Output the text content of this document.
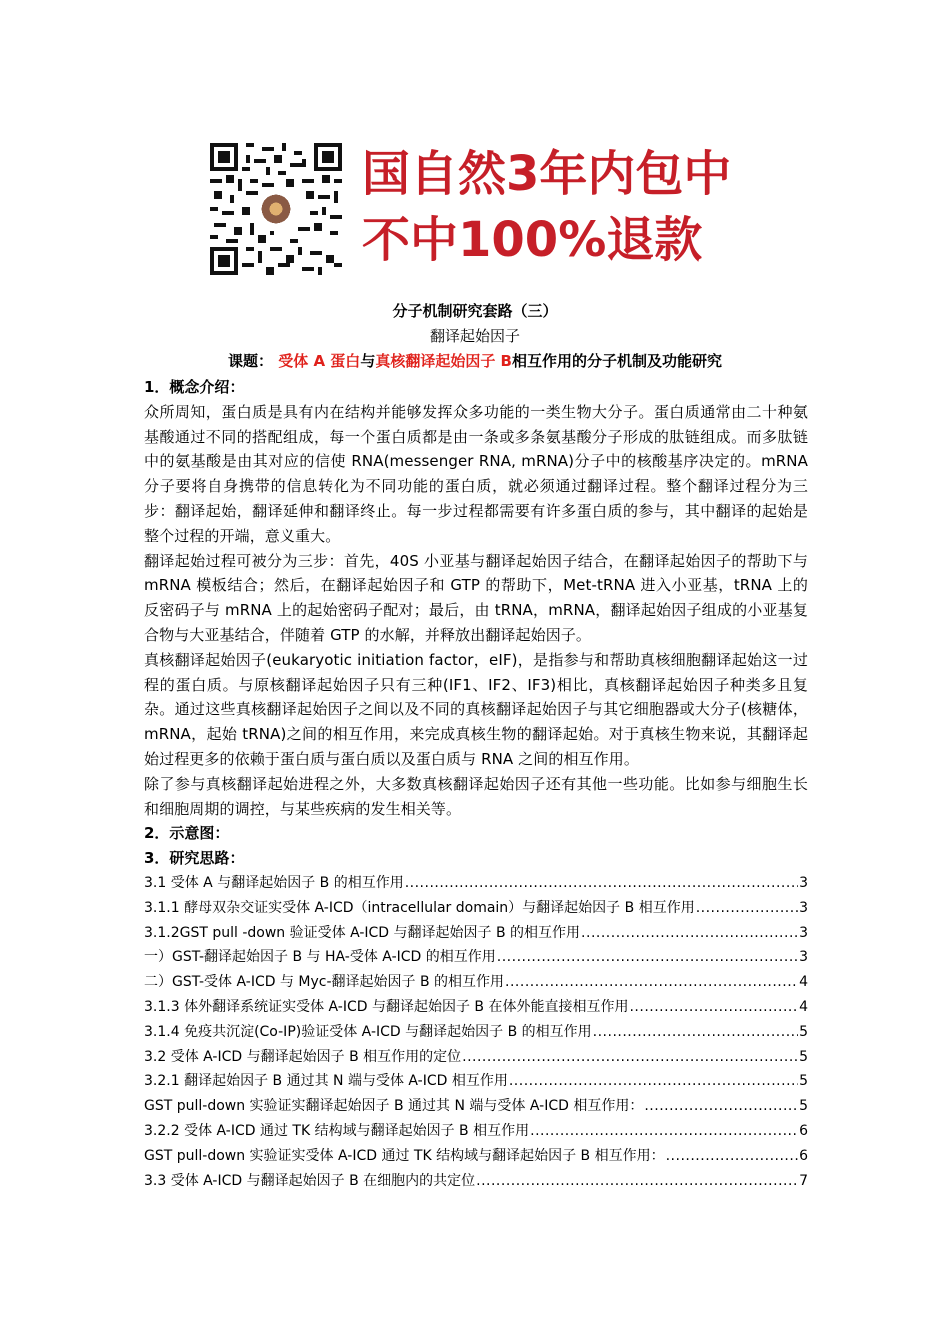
国自然3年内包中
不中100%退款
分子机制研究套路（三）
翻译起始因子
课题： 受体 A 蛋白与真核翻译起始因子 B相互作用的分子机制及功能研究

1．概念介绍：

众所周知，蛋白质是具有内在结构并能够发挥众多功能的一类生物大分子。蛋白质通常由二十种氨基酸通过不同的搭配组成，每一个蛋白质都是由一条或多条氨基酸分子形成的肽链组成。而多肽链中的氨基酸是由其对应的信使 RNA(messenger RNA, mRNA)分子中的核酸基序决定的。mRNA 分子要将自身携带的信息转化为不同功能的蛋白质，就必须通过翻译过程。整个翻译过程分为三步：翻译起始，翻译延伸和翻译终止。每一步过程都需要有许多蛋白质的参与，其中翻译的起始是整个过程的开端，意义重大。

翻译起始过程可被分为三步：首先，40S 小亚基与翻译起始因子结合，在翻译起始因子的帮助下与 mRNA 模板结合；然后，在翻译起始因子和 GTP 的帮助下，Met-tRNA 进入小亚基，tRNA 上的反密码子与 mRNA 上的起始密码子配对；最后，由 tRNA，mRNA，翻译起始因子组成的小亚基复合物与大亚基结合，伴随着 GTP 的水解，并释放出翻译起始因子。

真核翻译起始因子(eukaryotic initiation factor，eIF)，是指参与和帮助真核细胞翻译起始这一过程的蛋白质。与原核翻译起始因子只有三种(IF1、IF2、IF3)相比，真核翻译起始因子种类多且复杂。通过这些真核翻译起始因子之间以及不同的真核翻译起始因子与其它细胞器或大分子(核糖体，mRNA，起始 tRNA)之间的相互作用，来完成真核生物的翻译起始。对于真核生物来说，其翻译起始过程更多的依赖于蛋白质与蛋白质以及蛋白质与 RNA 之间的相互作用。

除了参与真核翻译起始进程之外，大多数真核翻译起始因子还有其他一些功能。比如参与细胞生长和细胞周期的调控，与某些疾病的发生相关等。

2．示意图：

3．研究思路：

3.1 受体 A 与翻译起始因子 B 的相互作用 .....	3
3.1.1 酵母双杂交证实受体 A-ICD（intracellular domain）与翻译起始因子 B 相互作用 .....	3
3.1.2GST pull -down 验证受体 A-ICD 与翻译起始因子 B 的相互作用 .....	3
一）GST-翻译起始因子 B 与 HA-受体 A-ICD 的相互作用 .....	3
二）GST-受体 A-ICD 与 Myc-翻译起始因子 B 的相互作用 .....	4
3.1.3 体外翻译系统证实受体 A-ICD 与翻译起始因子 B 在体外能直接相互作用 .....	4
3.1.4 免疫共沉淀(Co-IP)验证受体 A-ICD 与翻译起始因子 B 的相互作用 .....	5
3.2 受体 A-ICD 与翻译起始因子 B 相互作用的定位 .....	5
3.2.1 翻译起始因子 B 通过其 N 端与受体 A-ICD 相互作用 .....	5
GST pull-down 实验证实翻译起始因子 B 通过其 N 端与受体 A-ICD 相互作用： .....	5
3.2.2 受体 A-ICD 通过 TK 结构域与翻译起始因子 B 相互作用 .....	6
GST pull-down 实验证实受体 A-ICD 通过 TK 结构域与翻译起始因子 B 相互作用： .....	6
3.3 受体 A-ICD 与翻译起始因子 B 在细胞内的共定位 .....	7
